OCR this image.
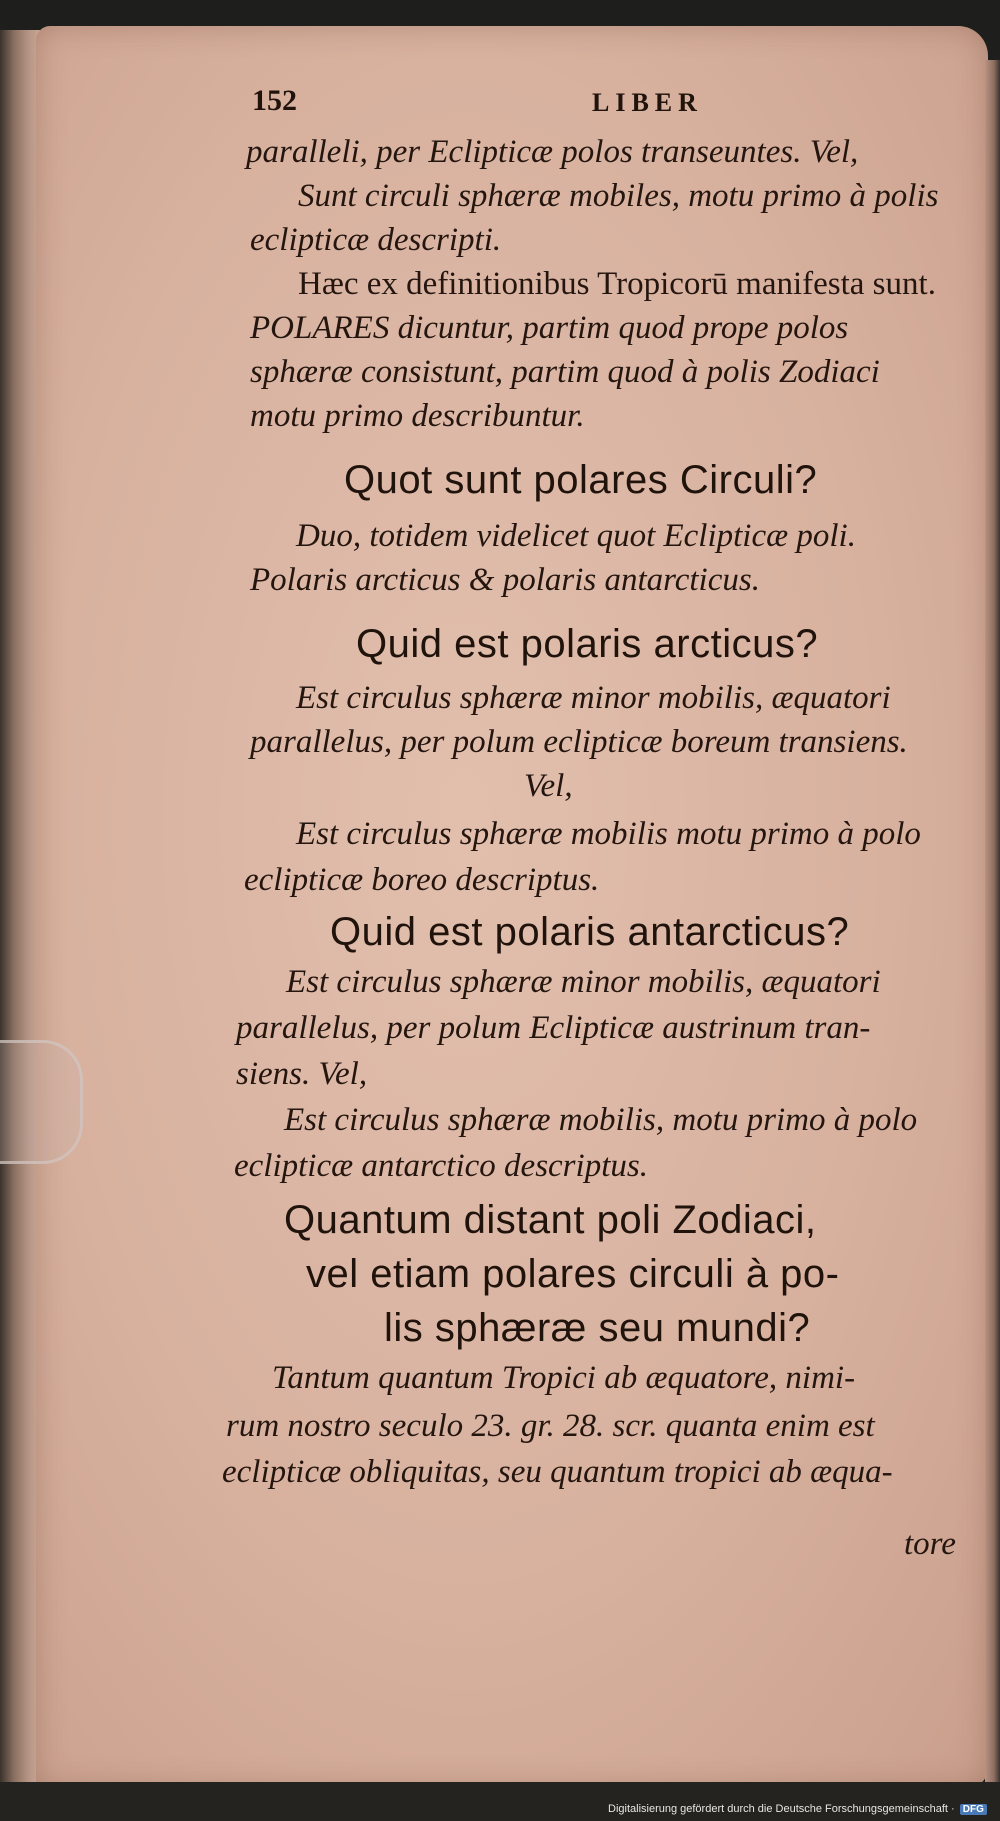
152	LIBER
paralleli, per Eclipticæ polos transeuntes. Vel,
Sunt circuli sphæræ mobiles, motu primo à polis
eclipticæ descripti.
Hæc ex definitionibus Tropicorū manifesta sunt.
POLARES dicuntur, partim quod prope polos
sphæræ consistunt, partim quod à polis Zodiaci
motu primo describuntur.
Quot sunt polares Circuli?
Duo, totidem videlicet quot Eclipticæ poli.
Polaris arcticus & polaris antarcticus.
Quid est polaris arcticus?
Est circulus sphæræ minor mobilis, æquatori
parallelus, per polum eclipticæ boreum transiens.
Vel,
Est circulus sphæræ mobilis motu primo à polo
eclipticæ boreo descriptus.
Quid est polaris antarcticus?
Est circulus sphæræ minor mobilis, æquatori
parallelus, per polum Eclipticæ austrinum tran-
siens. Vel,
Est circulus sphæræ mobilis, motu primo à polo
eclipticæ antarctico descriptus.
Quantum distant poli Zodiaci,
vel etiam polares circuli à po-
lis sphæræ seu mundi?
Tantum quantum Tropici ab æquatore, nimi-
rum nostro seculo 23. gr. 28. scr. quanta enim est
eclipticæ obliquitas, seu quantum tropici ab æqua-
tore
Digitalisierung gefördert durch die Deutsche Forschungsgemeinschaft · DFG
